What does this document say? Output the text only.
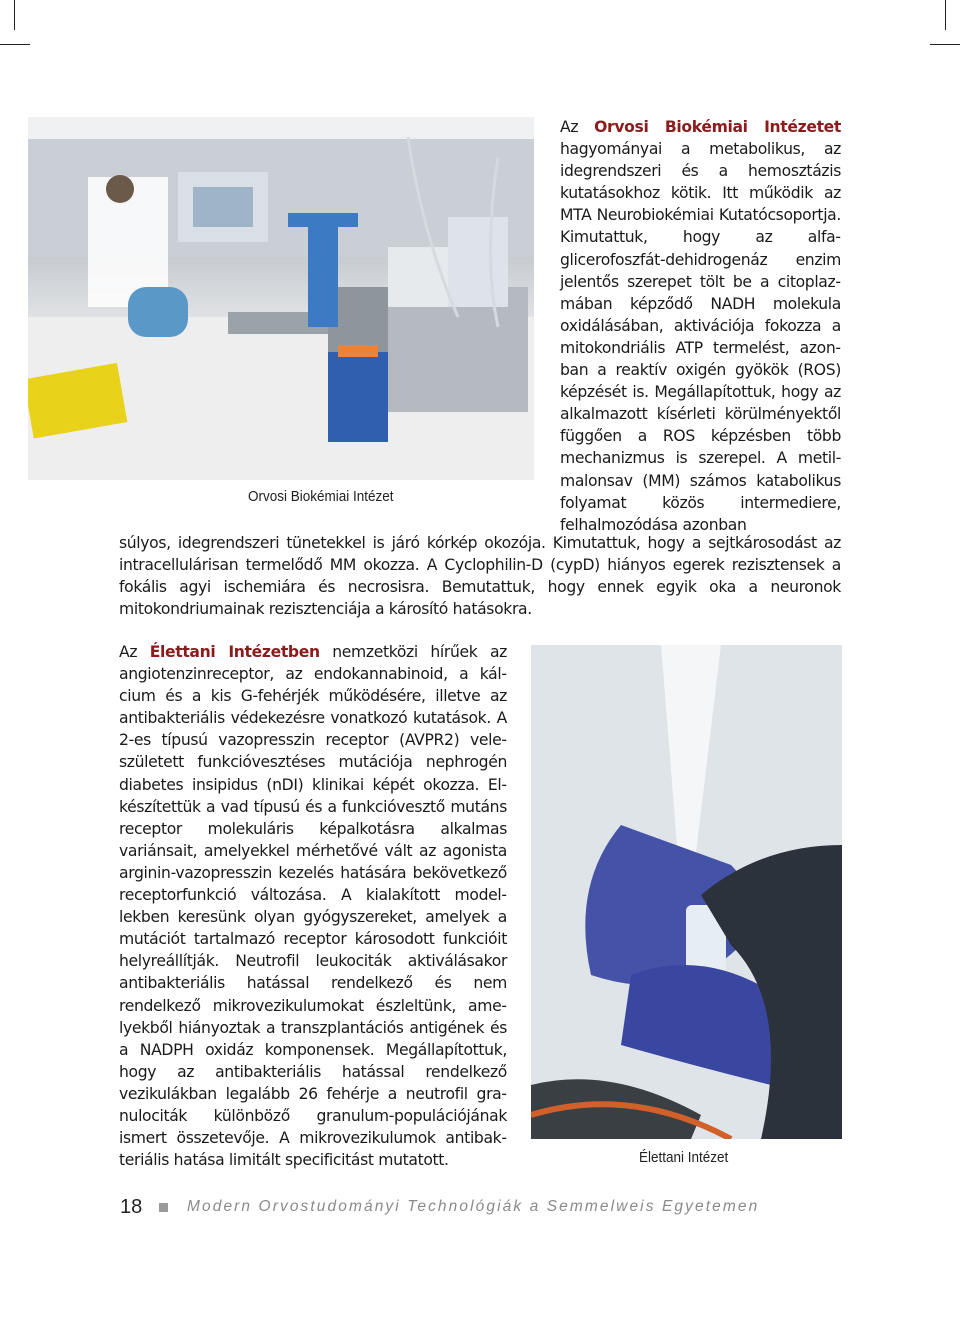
Orvosi Biokémiai Intézet

Az Orvosi Biokémiai Intézetet hagyományai a metabolikus, az idegrendszeri és a hemosztázis kutatásokhoz kötik. Itt működik az MTA Neurobiokémiai Kutatócsoportja. Kimutattuk, hogy az alfaglicerofoszfát-dehidrogenáz enzim jelentős szerepet tölt be a citoplazmában képződő NADH molekula oxidálásában, aktivációja fokozza a mitokondriális ATP termelést, azonban a reaktív oxigén gyökök (ROS) képzését is. Megállapítottuk, hogy az alkalmazott kísérleti körülményektől függően a ROS képzésben több mechanizmus is szerepel. A metil-malonsav (MM) számos katabolikus folyamat közös intermediere, felhalmozódása azonban

súlyos, idegrendszeri tünetekkel is járó kórkép okozója. Kimutattuk, hogy a sejtkárosodást az intracellulárisan termelődő MM okozza. A Cyclophilin-D (cypD) hiányos egerek rezisztensek a fokális agyi ischemiára és necrosisra. Bemutattuk, hogy ennek egyik oka a neuronok mitokondriumainak rezisztenciája a károsító hatásokra.

Az Élettani Intézetben nemzetközi hírűek az angiotenzinreceptor, az endokannabinoid, a kálcium és a kis G-fehérjék működésére, illetve az antibakteriális védekezésre vonatkozó kutatások. A 2-es típusú vazopresszin receptor (AVPR2) veleszületett funkcióvesztéses mutációja nephrogén diabetes insipidus (nDI) klinikai képét okozza. Elkészítettük a vad típusú és a funkcióvesztő mutáns receptor molekuláris képalkotásra alkalmas variánsait, amelyekkel mérhetővé vált az agonista arginin-vazopresszin kezelés hatására bekövetkező receptorfunkció változása. A kialakított modellekben keresünk olyan gyógyszereket, amelyek a mutációt tartalmazó receptor károsodott funkcióit helyreállítják. Neutrofil leukociták aktiválásakor antibakteriális hatással rendelkező és nem rendelkező mikrovezikulumokat észleltünk, amelyekből hiányoztak a transzplantációs antigének és a NADPH oxidáz komponensek. Megállapítottuk, hogy az antibakteriális hatással rendelkező vezikulákban legalább 26 fehérje a neutrofil granulociták különböző granulum-populációjának ismert összetevője. A mikrovezikulumok antibakteriális hatása limitált specificitást mutatott.	Élettani Intézet
18	Modern Orvostudományi Technológiák a Semmelweis Egyetemen
